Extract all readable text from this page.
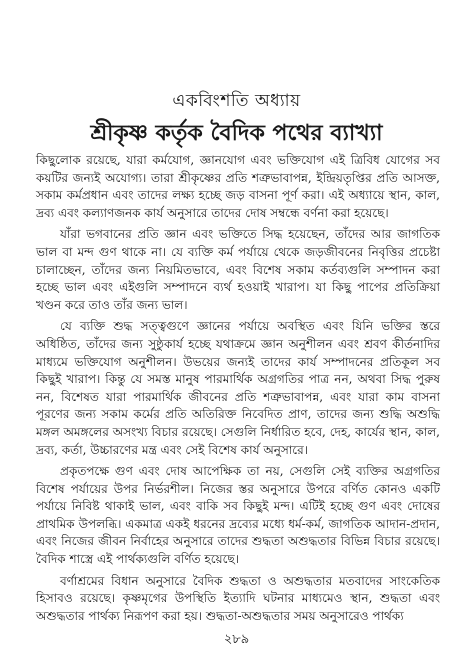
একবিংশতি অধ্যায়
শ্রীকৃষ্ণ কর্তৃক বৈদিক পথের ব্যাখ্যা

কিছুলোক রয়েছে, যারা কর্মযোগ, জ্ঞানযোগ এবং ভক্তিযোগ এই ত্রিবিধ যোগের সব কয়টির জন্যই অযোগ্য। তারা শ্রীকৃষ্ণের প্রতি শত্রুভাবাপন্ন, ইন্দ্রিয়তৃপ্তির প্রতি আসক্ত, সকাম কর্মপ্রধান এবং তাদের লক্ষ্য হচ্ছে জড় বাসনা পূর্ণ করা। এই অধ্যায়ে স্থান, কাল, দ্রব্য এবং কল্যাণজনক কার্য অনুসারে তাদের দোষ সম্বন্ধে বর্ণনা করা হয়েছে।

যাঁরা ভগবানের প্রতি জ্ঞান এবং ভক্তিতে সিদ্ধ হয়েছেন, তাঁদের আর জাগতিক ভাল বা মন্দ গুণ থাকে না। যে ব্যক্তি কর্ম পর্যায়ে থেকে জড়জীবনের নিবৃত্তির প্রচেষ্টা চালাচ্ছেন, তাঁদের জন্য নিয়মিতভাবে, এবং বিশেষ সকাম কর্তব্যগুলি সম্পাদন করা হচ্ছে ভাল এবং এইগুলি সম্পাদনে ব্যর্থ হওয়াই খারাপ। যা কিছু পাপের প্রতিক্রিয়া খণ্ডন করে তাও তাঁর জন্য ভাল।

যে ব্যক্তি শুদ্ধ সত্ত্বগুণে জ্ঞানের পর্যায়ে অবস্থিত এবং যিনি ভক্তির স্তরে অধিষ্ঠিত, তাঁদের জন্য সুষ্ঠুকার্য হচ্ছে যথাক্রমে জ্ঞান অনুশীলন এবং শ্রবণ কীর্তনাদির মাধ্যমে ভক্তিযোগ অনুশীলন। উভয়ের জন্যই তাদের কার্য সম্পাদনের প্রতিকূল সব কিছুই খারাপ। কিন্তু যে সমস্ত মানুষ পারমার্থিক অগ্রগতির পাত্র নন, অথবা সিদ্ধ পুরুষ নন, বিশেষত যারা পারমার্থিক জীবনের প্রতি শত্রুভাবাপন্ন, এবং যারা কাম বাসনা পূরণের জন্য সকাম কর্মের প্রতি অতিরিক্ত নিবেদিত প্রাণ, তাদের জন্য শুদ্ধি অশুদ্ধি মঙ্গল অমঙ্গলের অসংখ্য বিচার রয়েছে। সেগুলি নির্ধারিত হবে, দেহ, কার্যের স্থান, কাল, দ্রব্য, কর্তা, উচ্চারণের মন্ত্র এবং সেই বিশেষ কার্য অনুসারে।

প্রকৃতপক্ষে গুণ এবং দোষ আপেক্ষিক তা নয়, সেগুলি সেই ব্যক্তির অগ্রগতির বিশেষ পর্যায়ের উপর নির্ভরশীল। নিজের স্তর অনুসারে উপরে বর্ণিত কোনও একটি পর্যায়ে নিবিষ্ট থাকাই ভাল, এবং বাকি সব কিছুই মন্দ। এটিই হচ্ছে গুণ এবং দোষের প্রাথমিক উপলব্ধি। একমাত্র একই ধরনের দ্রব্যের মধ্যে ধর্ম-কর্ম, জাগতিক আদান-প্রদান, এবং নিজের জীবন নির্বাহের অনুসারে তাদের শুদ্ধতা অশুদ্ধতার বিভিন্ন বিচার রয়েছে। বৈদিক শাস্ত্রে এই পার্থক্যগুলি বর্ণিত হয়েছে।

বর্ণাশ্রমের বিধান অনুসারে বৈদিক শুদ্ধতা ও অশুদ্ধতার মতবাদের সাংকেতিক হিসাবও রয়েছে। কৃষ্ণমৃগের উপস্থিতি ইত্যাদি ঘটনার মাধ্যমেও স্থান, শুদ্ধতা এবং অশুদ্ধতার পার্থক্য নিরূপণ করা হয়। শুদ্ধতা-অশুদ্ধতার সময় অনুসারেও পার্থক্য

২৮৯
